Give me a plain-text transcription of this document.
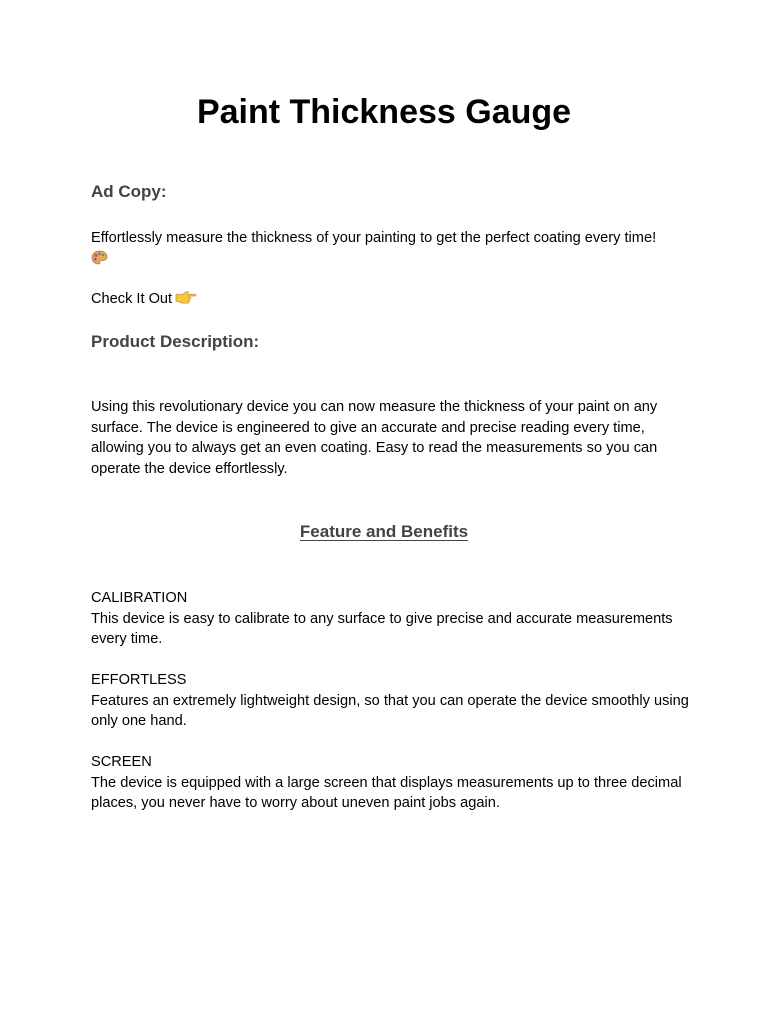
Paint Thickness Gauge
Ad Copy:

Effortlessly measure the thickness of your painting to get the perfect coating every time!

Check It Out

Product Description:

Using this revolutionary device you can now measure the thickness of your paint on any surface. The device is engineered to give an accurate and precise reading every time, allowing you to always get an even coating. Easy to read the measurements so you can operate the device effortlessly.

Feature and Benefits

CALIBRATION
This device is easy to calibrate to any surface to give precise and accurate measurements every time.

EFFORTLESS
Features an extremely lightweight design, so that you can operate the device smoothly using only one hand.

SCREEN
The device is equipped with a large screen that displays measurements up to three decimal places, you never have to worry about uneven paint jobs again.
